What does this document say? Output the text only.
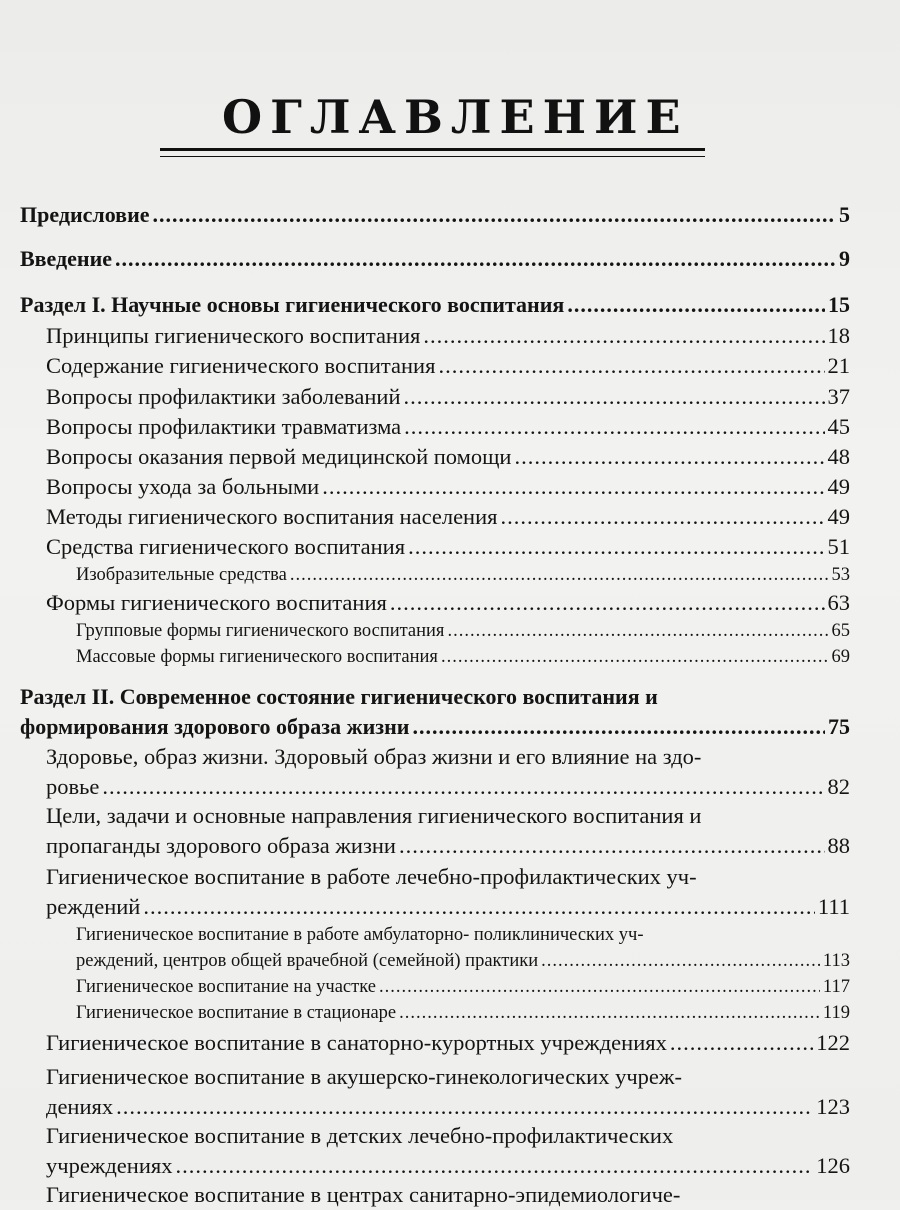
ОГЛАВЛЕНИЕ
Предисловие .....	5
Введение .....	9
Раздел I. Научные основы гигиенического воспитания .....	15
Принципы гигиенического воспитания .....	18
Содержание гигиенического воспитания .....	21
Вопросы профилактики заболеваний .....	37
Вопросы профилактики травматизма .....	45
Вопросы оказания первой медицинской помощи .....	48
Вопросы ухода за больными .....	49
Методы гигиенического воспитания населения .....	49
Средства гигиенического воспитания .....	51
Изобразительные средства .....	53
Формы гигиенического воспитания .....	63
Групповые формы гигиенического воспитания .....	65
Массовые формы гигиенического воспитания .....	69
Раздел II. Современное состояние гигиенического воспитания и
формирования здорового образа жизни .....	75
Здоровье, образ жизни. Здоровый образ жизни и его влияние на здо-
ровье .....	82
Цели, задачи и основные направления гигиенического воспитания и
пропаганды здорового образа жизни .....	88
Гигиеническое воспитание в работе лечебно-профилактических уч-
реждений .....	111
Гигиеническое воспитание в работе амбулаторно- поликлинических уч-
реждений, центров общей врачебной (семейной) практики .....	113
Гигиеническое воспитание на участке .....	117
Гигиеническое воспитание в стационаре .....	119
Гигиеническое воспитание в санаторно-курортных учреждениях .....	122
Гигиеническое воспитание в акушерско-гинекологических учреж-
дениях .....	123
Гигиеническое воспитание в детских лечебно-профилактических
учреждениях .....	126
Гигиеническое воспитание в центрах санитарно-эпидемиологиче-
